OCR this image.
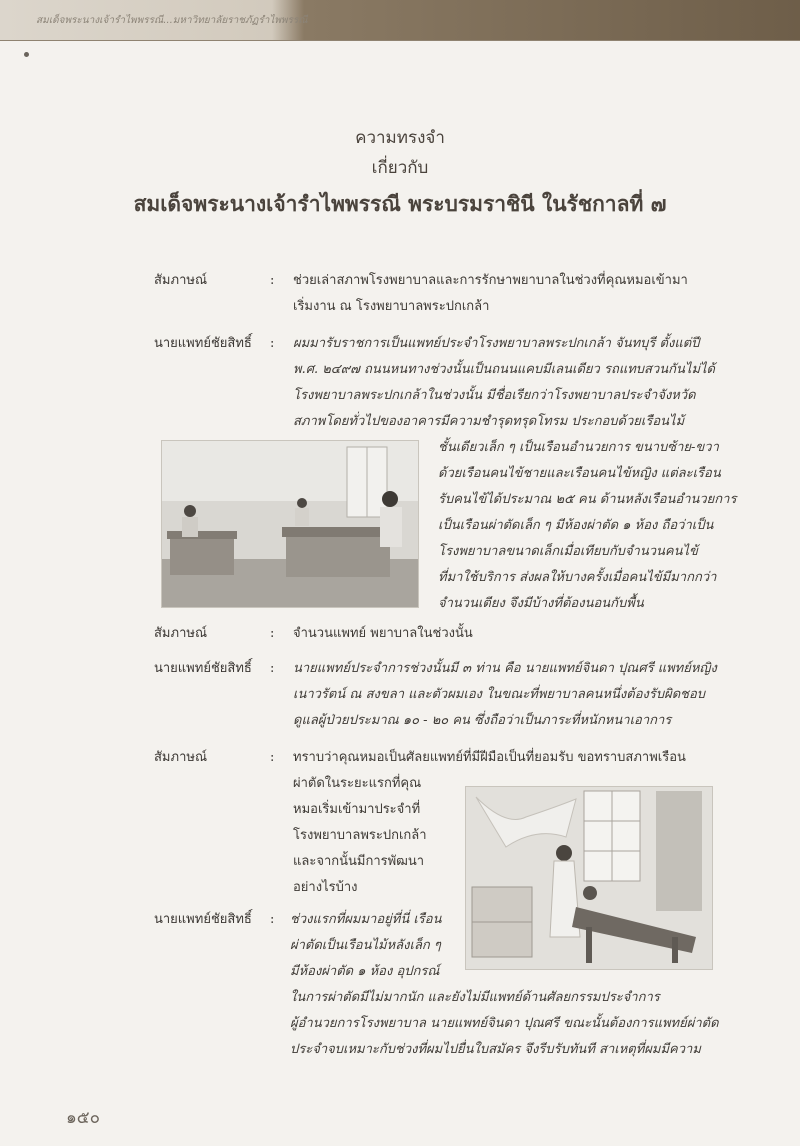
สมเด็จพระนางเจ้ารำไพพรรณี...มหาวิทยาลัยราชภัฏรำไพพรรณี
ความทรงจำ
เกี่ยวกับ
สมเด็จพระนางเจ้ารำไพพรรณี พระบรมราชินี ในรัชกาลที่ ๗
สัมภาษณ์	: ช่วยเล่าสภาพโรงพยาบาลและการรักษาพยาบาลในช่วงที่คุณหมอเข้ามา
เริ่มงาน ณ โรงพยาบาลพระปกเกล้า
นายแพทย์ชัยสิทธิ์ : ผมมารับราชการเป็นแพทย์ประจำโรงพยาบาลพระปกเกล้า จันทบุรี ตั้งแต่ปี
พ.ศ. ๒๔๙๗ ถนนหนทางช่วงนั้นเป็นถนนแคบมีเลนเดียว รถแทบสวนกันไม่ได้
โรงพยาบาลพระปกเกล้าในช่วงนั้น มีชื่อเรียกว่าโรงพยาบาลประจำจังหวัด
สภาพโดยทั่วไปของอาคารมีความชำรุดทรุดโทรม ประกอบด้วยเรือนไม้
ชั้นเดียวเล็ก ๆ เป็นเรือนอำนวยการ ขนาบซ้าย-ขวา
ด้วยเรือนคนไข้ชายและเรือนคนไข้หญิง แต่ละเรือน
รับคนไข้ได้ประมาณ ๒๕ คน ด้านหลังเรือนอำนวยการ
เป็นเรือนผ่าตัดเล็ก ๆ มีห้องผ่าตัด ๑ ห้อง ถือว่าเป็น
โรงพยาบาลขนาดเล็กเมื่อเทียบกับจำนวนคนไข้
ที่มาใช้บริการ ส่งผลให้บางครั้งเมื่อคนไข้มีมากกว่า
จำนวนเตียง จึงมีบ้างที่ต้องนอนกับพื้น
สัมภาษณ์	: จำนวนแพทย์ พยาบาลในช่วงนั้น
นายแพทย์ชัยสิทธิ์ : นายแพทย์ประจำการช่วงนั้นมี ๓ ท่าน คือ นายแพทย์จินดา ปุณศรี แพทย์หญิง
เนาวรัตน์ ณ สงขลา และตัวผมเอง ในขณะที่พยาบาลคนหนึ่งต้องรับผิดชอบ
ดูแลผู้ป่วยประมาณ ๑๐ - ๒๐ คน ซึ่งถือว่าเป็นภาระที่หนักหนาเอาการ
สัมภาษณ์	: ทราบว่าคุณหมอเป็นศัลยแพทย์ที่มีฝีมือเป็นที่ยอมรับ ขอทราบสภาพเรือน
ผ่าตัดในระยะแรกที่คุณ
หมอเริ่มเข้ามาประจำที่
โรงพยาบาลพระปกเกล้า
และจากนั้นมีการพัฒนา
อย่างไรบ้าง
นายแพทย์ชัยสิทธิ์ : ช่วงแรกที่ผมมาอยู่ที่นี่ เรือน
ผ่าตัดเป็นเรือนไม้หลังเล็ก ๆ
มีห้องผ่าตัด ๑ ห้อง อุปกรณ์
ในการผ่าตัดมีไม่มากนัก และยังไม่มีแพทย์ด้านศัลยกรรมประจำการ
ผู้อำนวยการโรงพยาบาล นายแพทย์จินดา ปุณศรี ขณะนั้นต้องการแพทย์ผ่าตัด
ประจำจบเหมาะกับช่วงที่ผมไปยื่นใบสมัคร จึงรีบรับทันที สาเหตุที่ผมมีความ
๑๕๐
